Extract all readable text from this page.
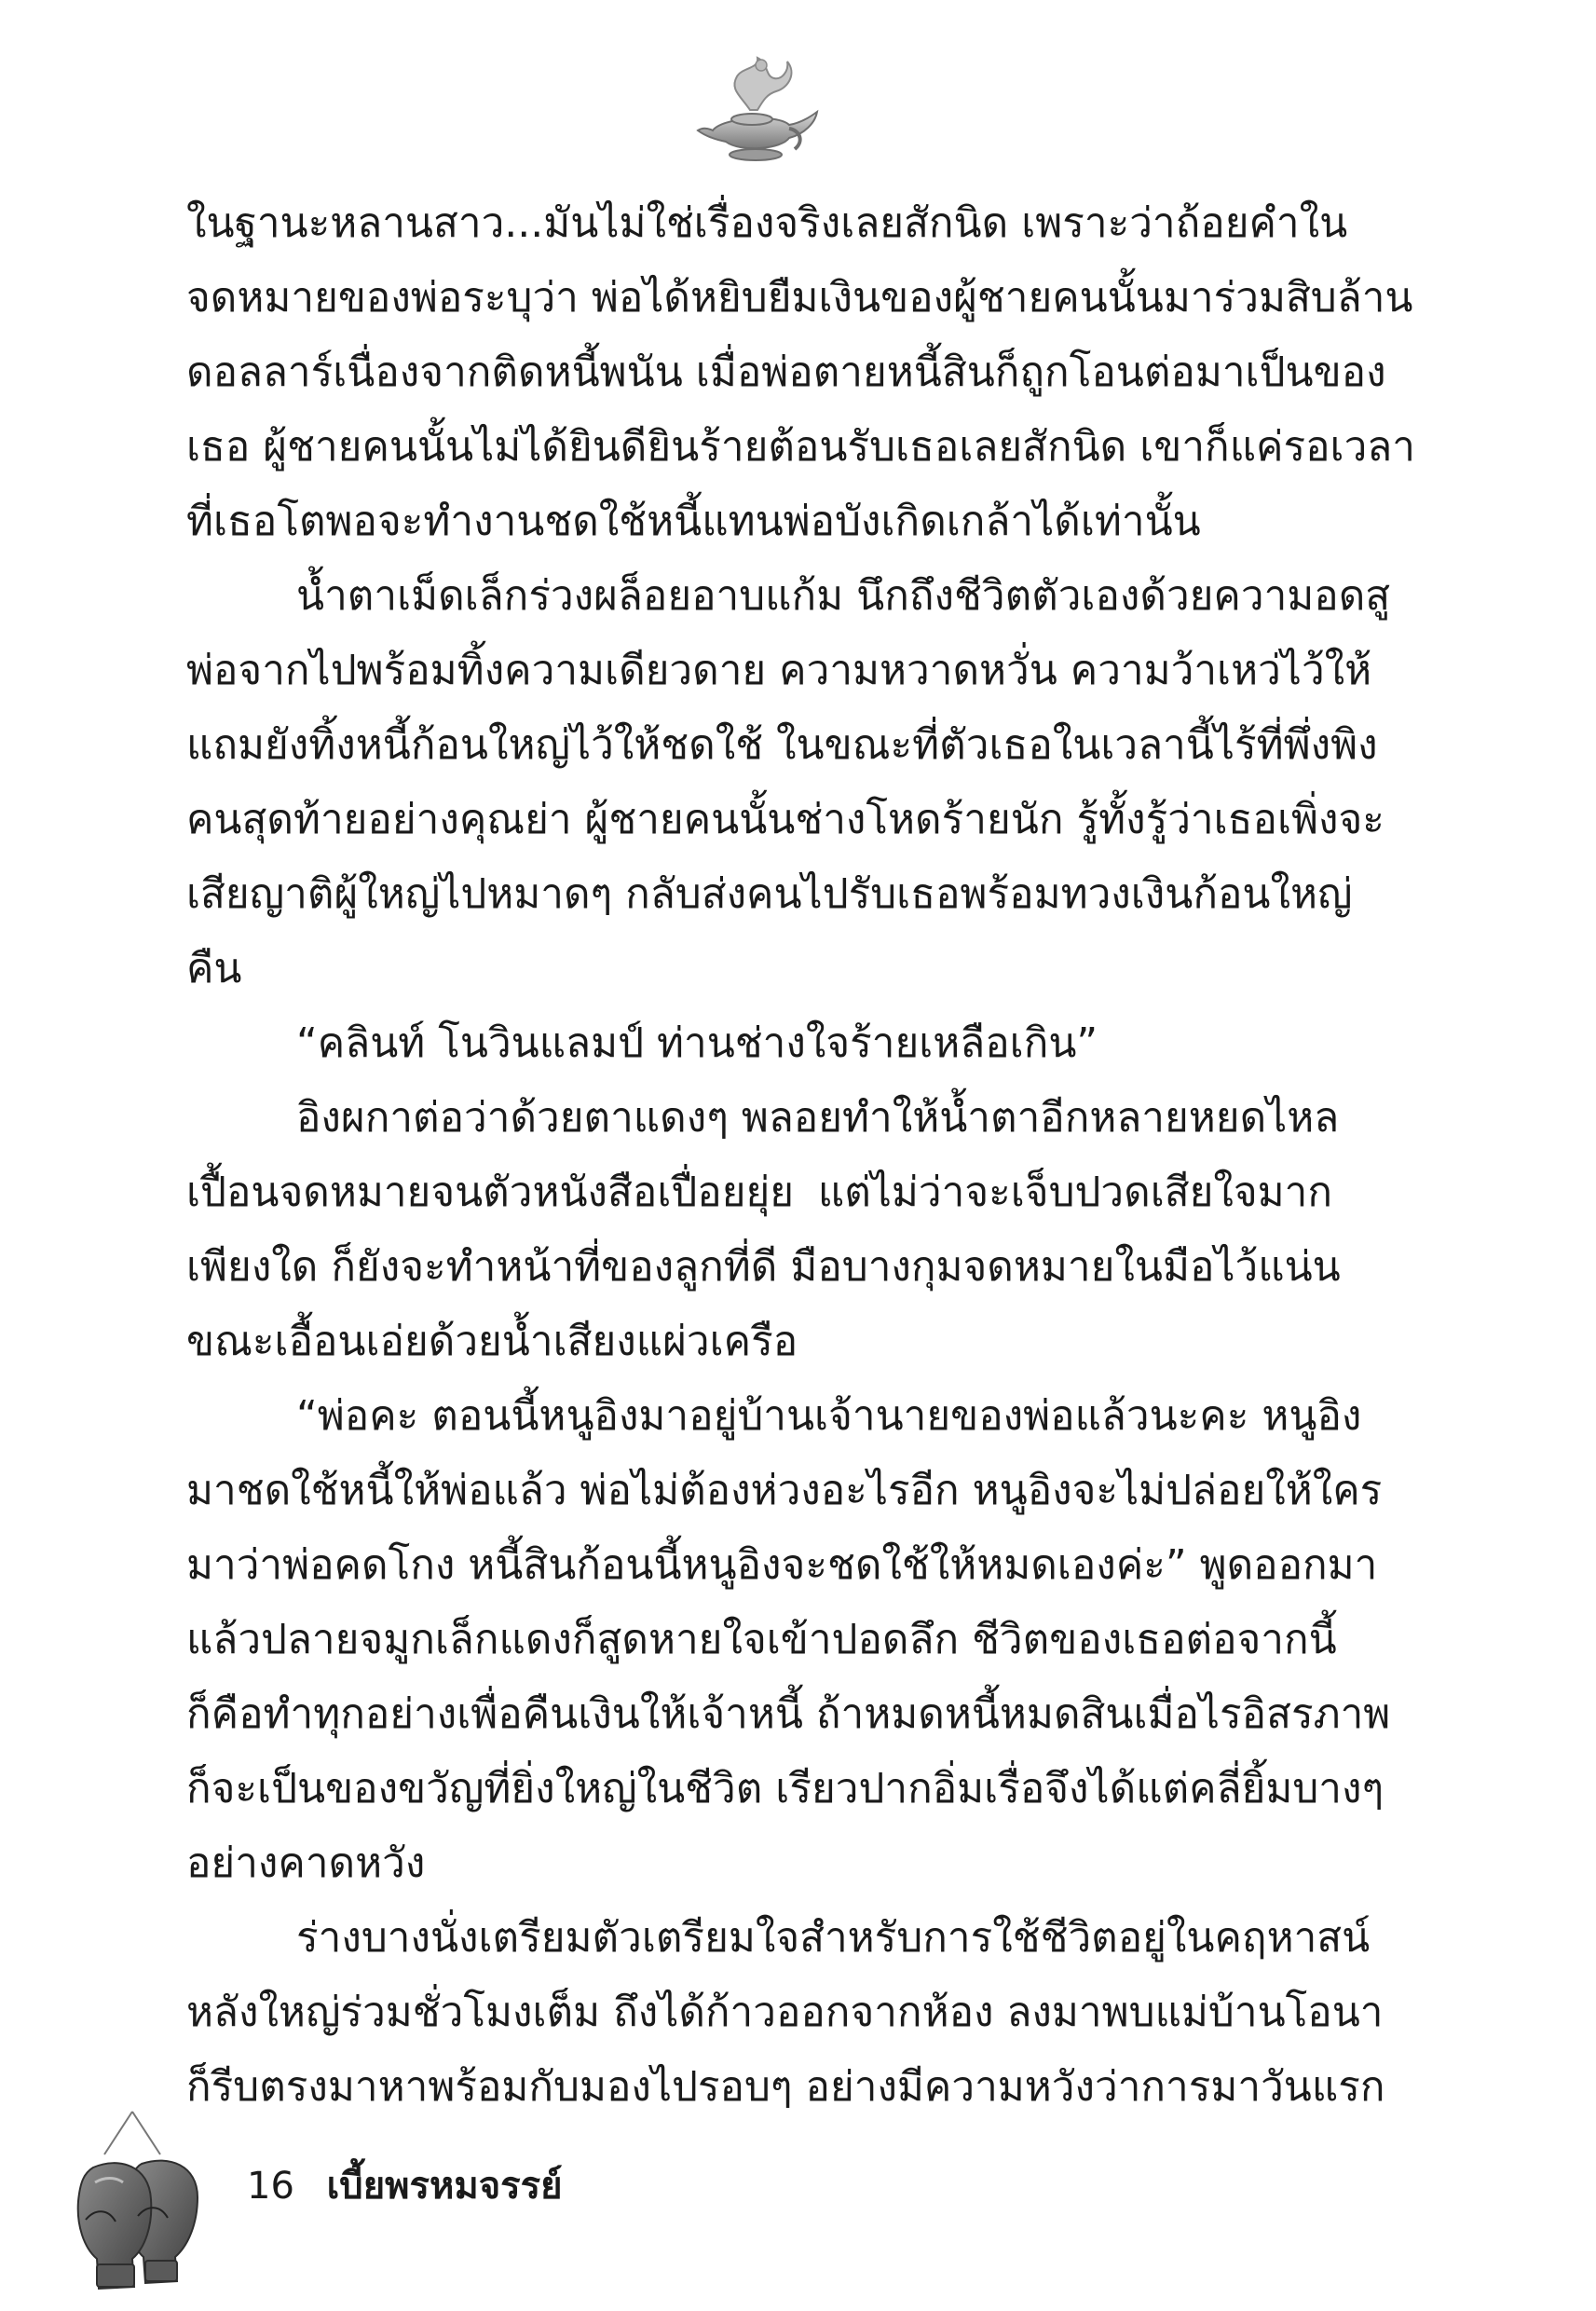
ในฐานะหลานสาว...มันไม่ใช่เรื่องจริงเลยสักนิด เพราะว่าถ้อยคำใน
จดหมายของพ่อระบุว่า พ่อได้หยิบยืมเงินของผู้ชายคนนั้นมาร่วมสิบล้าน
ดอลลาร์เนื่องจากติดหนี้พนัน เมื่อพ่อตายหนี้สินก็ถูกโอนต่อมาเป็นของ
เธอ ผู้ชายคนนั้นไม่ได้ยินดียินร้ายต้อนรับเธอเลยสักนิด เขาก็แค่รอเวลา
ที่เธอโตพอจะทำงานชดใช้หนี้แทนพ่อบังเกิดเกล้าได้เท่านั้น
น้ำตาเม็ดเล็กร่วงผล็อยอาบแก้ม นึกถึงชีวิตตัวเองด้วยความอดสู
พ่อจากไปพร้อมทิ้งความเดียวดาย ความหวาดหวั่น ความว้าเหว่ไว้ให้
แถมยังทิ้งหนี้ก้อนใหญ่ไว้ให้ชดใช้ ในขณะที่ตัวเธอในเวลานี้ไร้ที่พึ่งพิง
คนสุดท้ายอย่างคุณย่า ผู้ชายคนนั้นช่างโหดร้ายนัก รู้ทั้งรู้ว่าเธอเพิ่งจะ
เสียญาติผู้ใหญ่ไปหมาดๆ กลับส่งคนไปรับเธอพร้อมทวงเงินก้อนใหญ่
คืน
“คลินท์ โนวินแลมป์ ท่านช่างใจร้ายเหลือเกิน”
อิงผกาต่อว่าด้วยตาแดงๆ พลอยทำให้น้ำตาอีกหลายหยดไหล
เปื้อนจดหมายจนตัวหนังสือเปื่อยยุ่ย แต่ไม่ว่าจะเจ็บปวดเสียใจมาก
เพียงใด ก็ยังจะทำหน้าที่ของลูกที่ดี มือบางกุมจดหมายในมือไว้แน่น
ขณะเอื้อนเอ่ยด้วยน้ำเสียงแผ่วเครือ
“พ่อคะ ตอนนี้หนูอิงมาอยู่บ้านเจ้านายของพ่อแล้วนะคะ หนูอิง
มาชดใช้หนี้ให้พ่อแล้ว พ่อไม่ต้องห่วงอะไรอีก หนูอิงจะไม่ปล่อยให้ใคร
มาว่าพ่อคดโกง หนี้สินก้อนนี้หนูอิงจะชดใช้ให้หมดเองค่ะ” พูดออกมา
แล้วปลายจมูกเล็กแดงก็สูดหายใจเข้าปอดลึก ชีวิตของเธอต่อจากนี้
ก็คือทำทุกอย่างเพื่อคืนเงินให้เจ้าหนี้ ถ้าหมดหนี้หมดสินเมื่อไรอิสรภาพ
ก็จะเป็นของขวัญที่ยิ่งใหญ่ในชีวิต เรียวปากอิ่มเรื่อจึงได้แต่คลี่ยิ้มบางๆ
อย่างคาดหวัง
ร่างบางนั่งเตรียมตัวเตรียมใจสำหรับการใช้ชีวิตอยู่ในคฤหาสน์
หลังใหญ่ร่วมชั่วโมงเต็ม ถึงได้ก้าวออกจากห้อง ลงมาพบแม่บ้านโอนา
ก็รีบตรงมาหาพร้อมกับมองไปรอบๆ อย่างมีความหวังว่าการมาวันแรก
16 เบี้ยพรหมจรรย์
